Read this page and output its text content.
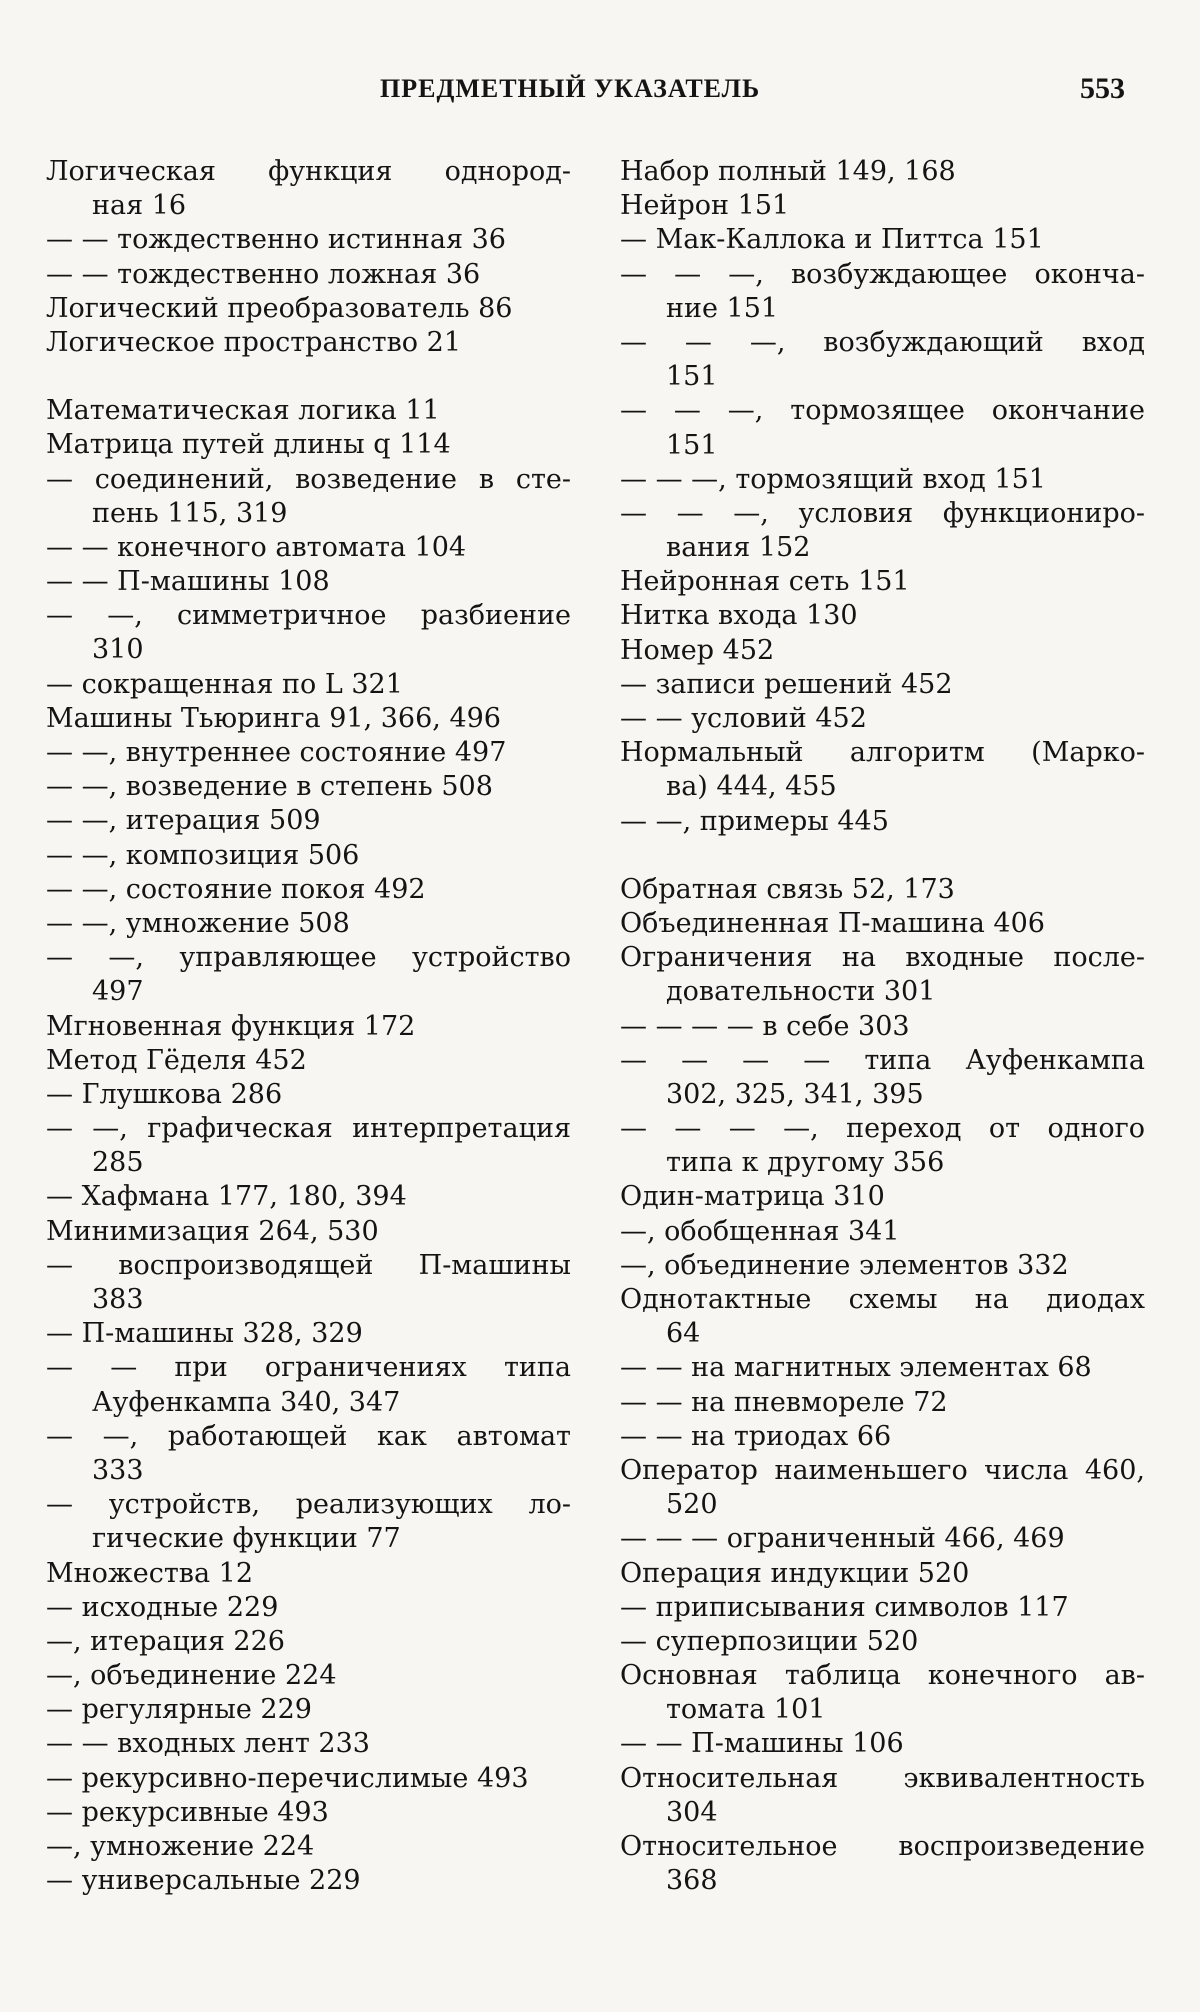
ПРЕДМЕТНЫЙ УКАЗАТЕЛЬ	553
Логическая функция однород-
ная 16
— — тождественно истинная 36
— — тождественно ложная 36
Логический преобразователь 86
Логическое пространство 21
Математическая логика 11
Матрица путей длины q 114
— соединений, возведение в сте-
пень 115, 319
— — конечного автомата 104
— — П-машины 108
— —, симметричное разбиение
310
— сокращенная по L 321
Машины Тьюринга 91, 366, 496
— —, внутреннее состояние 497
— —, возведение в степень 508
— —, итерация 509
— —, композиция 506
— —, состояние покоя 492
— —, умножение 508
— —, управляющее устройство
497
Мгновенная функция 172
Метод Гёделя 452
— Глушкова 286
— —, графическая интерпретация
285
— Хафмана 177, 180, 394
Минимизация 264, 530
— воспроизводящей П-машины
383
— П-машины 328, 329
— — при ограничениях типа
Ауфенкампа 340, 347
— —, работающей как автомат
333
— устройств, реализующих ло-
гические функции 77
Множества 12
— исходные 229
—, итерация 226
—, объединение 224
— регулярные 229
— — входных лент 233
— рекурсивно-перечислимые 493
— рекурсивные 493
—, умножение 224
— универсальные 229
Набор полный 149, 168
Нейрон 151
— Мак-Каллока и Питтса 151
— — —, возбуждающее оконча-
ние 151
— — —, возбуждающий вход
151
— — —, тормозящее окончание
151
— — —, тормозящий вход 151
— — —, условия функциониро-
вания 152
Нейронная сеть 151
Нитка входа 130
Номер 452
— записи решений 452
— — условий 452
Нормальный алгоритм (Марко-
ва) 444, 455
— —, примеры 445
Обратная связь 52, 173
Объединенная П-машина 406
Ограничения на входные после-
довательности 301
— — — — в себе 303
— — — — типа Ауфенкампа
302, 325, 341, 395
— — — —, переход от одного
типа к другому 356
Один-матрица 310
—, обобщенная 341
—, объединение элементов 332
Однотактные схемы на диодах
64
— — на магнитных элементах 68
— — на пневмореле 72
— — на триодах 66
Оператор наименьшего числа 460,
520
— — — ограниченный 466, 469
Операция индукции 520
— приписывания символов 117
— суперпозиции 520
Основная таблица конечного ав-
томата 101
— — П-машины 106
Относительная эквивалентность
304
Относительное воспроизведение
368
